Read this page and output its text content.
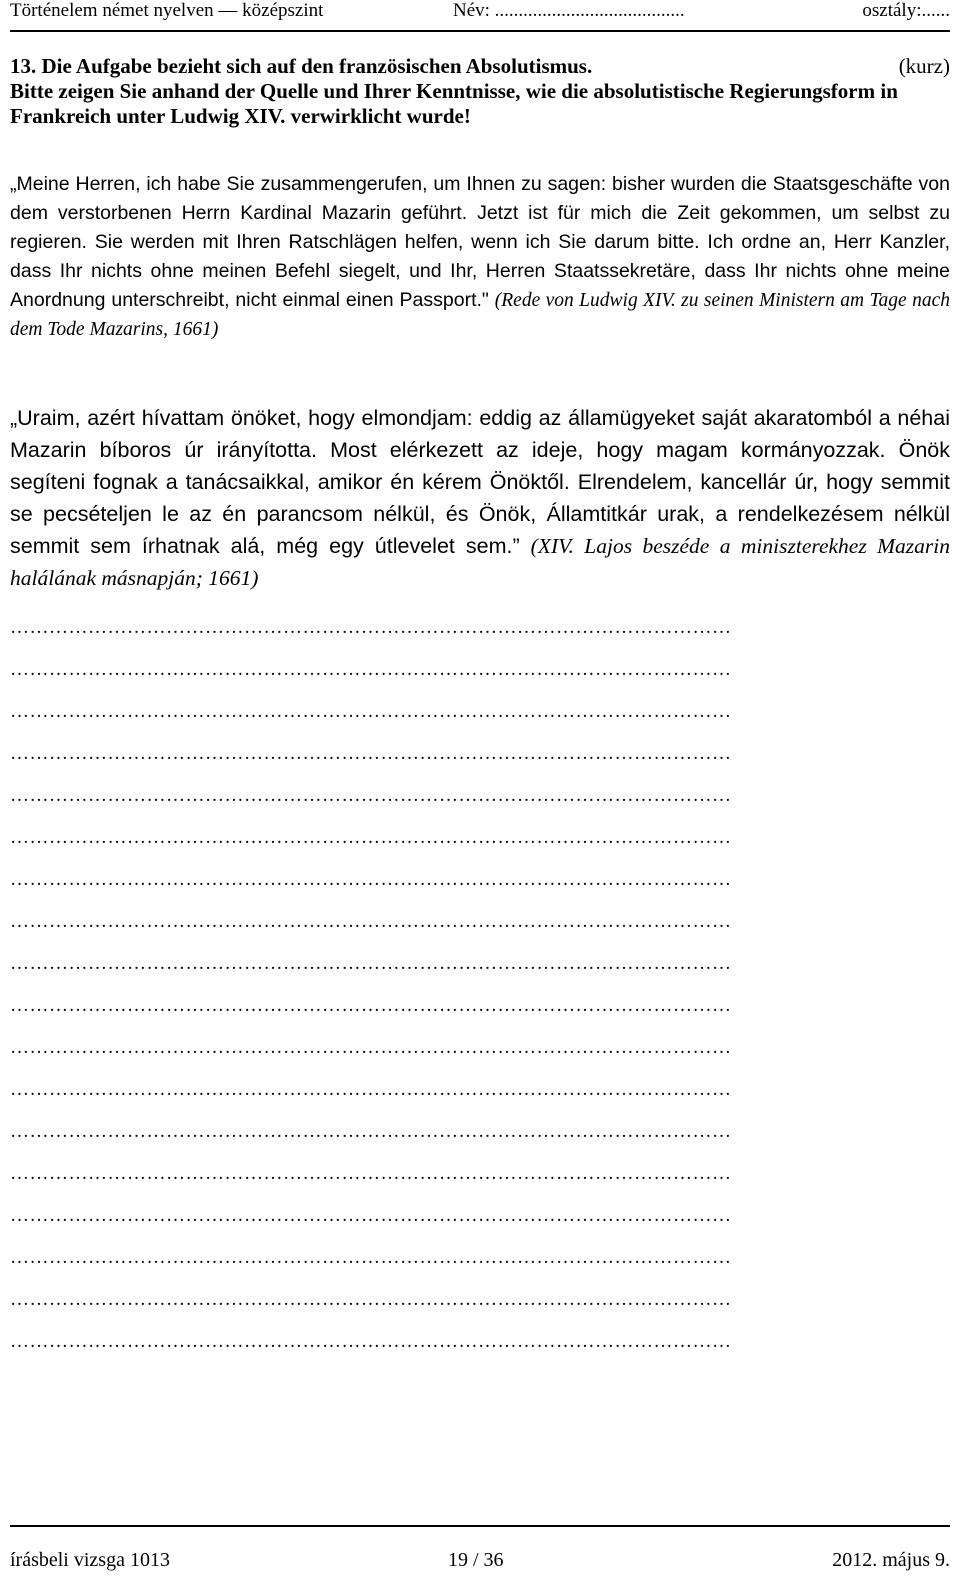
Történelem német nyelven — középszint	Név: ........................................	osztály:......
(kurz)
13. Die Aufgabe bezieht sich auf den französischen Absolutismus.
Bitte zeigen Sie anhand der Quelle und Ihrer Kenntnisse, wie die absolutistische Regierungsform in Frankreich unter Ludwig XIV. verwirklicht wurde!
„Meine Herren, ich habe Sie zusammengerufen, um Ihnen zu sagen: bisher wurden die Staatsgeschäfte von dem verstorbenen Herrn Kardinal Mazarin geführt. Jetzt ist für mich die Zeit gekommen, um selbst zu regieren. Sie werden mit Ihren Ratschlägen helfen, wenn ich Sie darum bitte. Ich ordne an, Herr Kanzler, dass Ihr nichts ohne meinen Befehl siegelt, und Ihr, Herren Staatssekretäre, dass Ihr nichts ohne meine Anordnung unterschreibt, nicht einmal einen Passport." (Rede von Ludwig XIV. zu seinen Ministern am Tage nach dem Tode Mazarins, 1661)
„Uraim, azért hívattam önöket, hogy elmondjam: eddig az államügyeket saját akaratomból a néhai Mazarin bíboros úr irányította. Most elérkezett az ideje, hogy magam kormányozzak. Önök segíteni fognak a tanácsaikkal, amikor én kérem Önöktől. Elrendelem, kancellár úr, hogy semmit se pecsételjen le az én parancsom nélkül, és Önök, Államtitkár urak, a rendelkezésem nélkül semmit sem írhatnak alá, még egy útlevelet sem.” (XIV. Lajos beszéde a miniszterekhez Mazarin halálának másnapján; 1661)
…………………………………………………………………………………………………
…………………………………………………………………………………………………
…………………………………………………………………………………………………
…………………………………………………………………………………………………
…………………………………………………………………………………………………
…………………………………………………………………………………………………
…………………………………………………………………………………………………
…………………………………………………………………………………………………
…………………………………………………………………………………………………
…………………………………………………………………………………………………
…………………………………………………………………………………………………
…………………………………………………………………………………………………
…………………………………………………………………………………………………
…………………………………………………………………………………………………
…………………………………………………………………………………………………
…………………………………………………………………………………………………
…………………………………………………………………………………………………
…………………………………………………………………………………………………
írásbeli vizsga 1013	19 / 36	2012. május 9.
